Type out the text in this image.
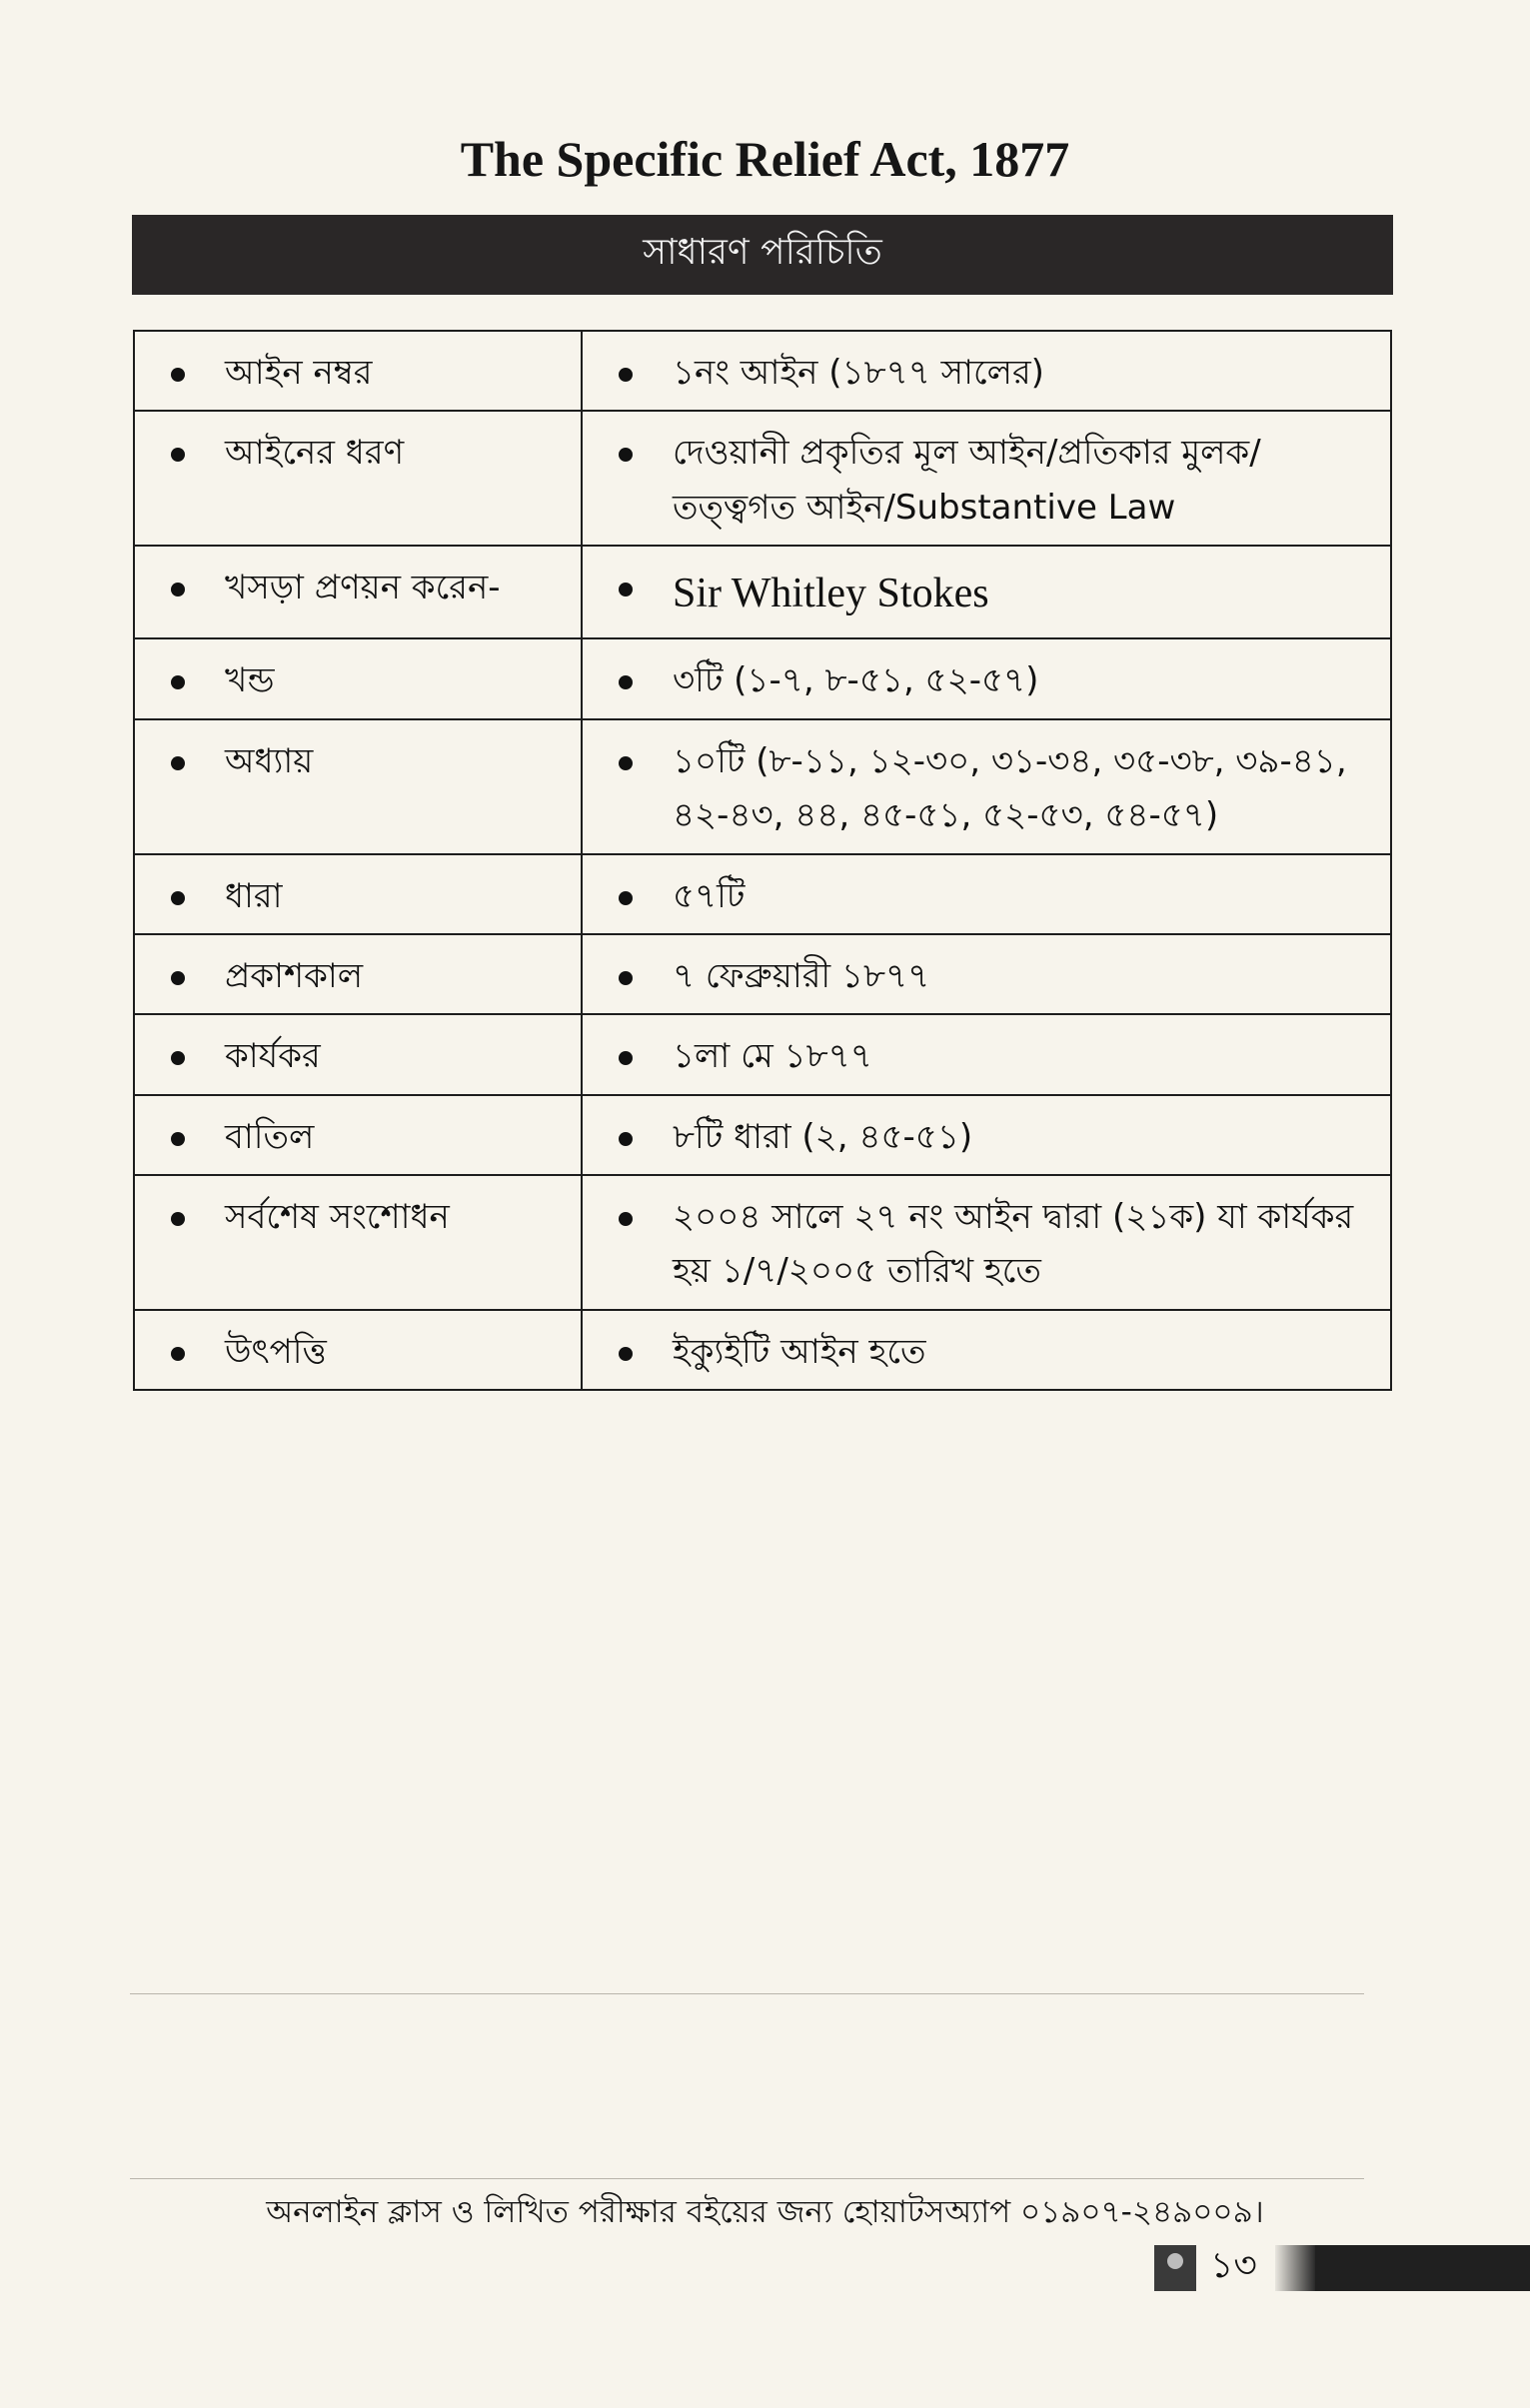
The Specific Relief Act, 1877
সাধারণ পরিচিতি
আইন নম্বর	১নং আইন (১৮৭৭ সালের)

আইনের ধরণ	দেওয়ানী প্রকৃতির মূল আইন/প্রতিকার মুলক/তত্ত্বগত আইন/Substantive Law

খসড়া প্রণয়ন করেন-	Sir Whitley Stokes

খন্ড	৩টি (১-৭, ৮-৫১, ৫২-৫৭)

অধ্যায়	১০টি (৮-১১, ১২-৩০, ৩১-৩৪, ৩৫-৩৮, ৩৯-৪১, ৪২-৪৩, ৪৪, ৪৫-৫১, ৫২-৫৩, ৫৪-৫৭)

ধারা	৫৭টি

প্রকাশকাল	৭ ফেব্রুয়ারী ১৮৭৭

কার্যকর	১লা মে ১৮৭৭

বাতিল	৮টি ধারা (২, ৪৫-৫১)

সর্বশেষ সংশোধন	২০০৪ সালে ২৭ নং আইন দ্বারা (২১ক) যা কার্যকর হয় ১/৭/২০০৫ তারিখ হতে

উৎপত্তি	ইক্যুইটি আইন হতে
অনলাইন ক্লাস ও লিখিত পরীক্ষার বইয়ের জন্য হোয়াটসঅ্যাপ ০১৯০৭-২৪৯০০৯।
১৩
